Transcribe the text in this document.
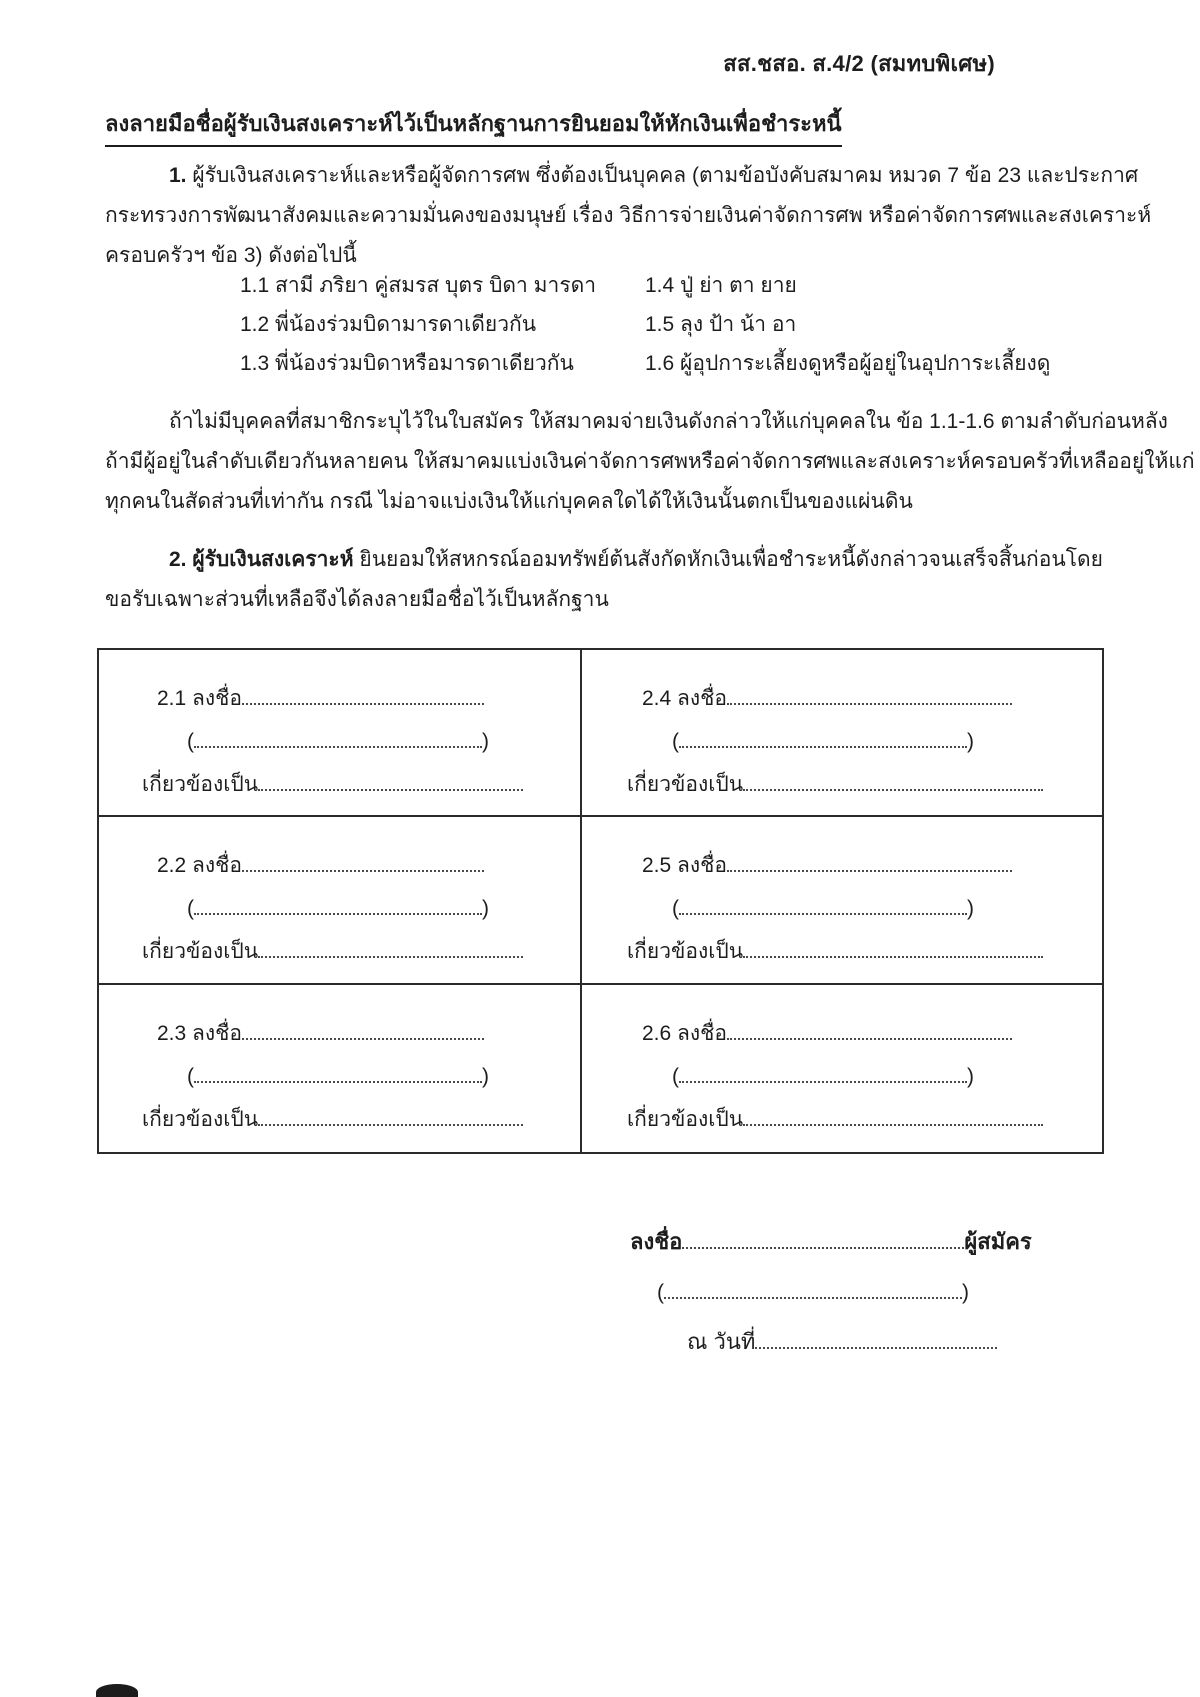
สส.ชสอ. ส.4/2 (สมทบพิเศษ)
ลงลายมือชื่อผู้รับเงินสงเคราะห์ไว้เป็นหลักฐานการยินยอมให้หักเงินเพื่อชำระหนี้
1. ผู้รับเงินสงเคราะห์และหรือผู้จัดการศพ ซึ่งต้องเป็นบุคคล (ตามข้อบังคับสมาคม หมวด 7 ข้อ 23 และประกาศ
กระทรวงการพัฒนาสังคมและความมั่นคงของมนุษย์ เรื่อง วิธีการจ่ายเงินค่าจัดการศพ หรือค่าจัดการศพและสงเคราะห์
ครอบครัวฯ ข้อ 3) ดังต่อไปนี้
1.1 สามี ภริยา คู่สมรส บุตร บิดา มารดา
1.2 พี่น้องร่วมบิดามารดาเดียวกัน
1.3 พี่น้องร่วมบิดาหรือมารดาเดียวกัน
1.4 ปู่ ย่า ตา ยาย
1.5 ลุง ป้า น้า อา
1.6 ผู้อุปการะเลี้ยงดูหรือผู้อยู่ในอุปการะเลี้ยงดู
ถ้าไม่มีบุคคลที่สมาชิกระบุไว้ในใบสมัคร ให้สมาคมจ่ายเงินดังกล่าวให้แก่บุคคลใน ข้อ 1.1-1.6 ตามลำดับก่อนหลัง
ถ้ามีผู้อยู่ในลำดับเดียวกันหลายคน ให้สมาคมแบ่งเงินค่าจัดการศพหรือค่าจัดการศพและสงเคราะห์ครอบครัวที่เหลืออยู่ให้แก่
ทุกคนในสัดส่วนที่เท่ากัน กรณี ไม่อาจแบ่งเงินให้แก่บุคคลใดได้ให้เงินนั้นตกเป็นของแผ่นดิน
2. ผู้รับเงินสงเคราะห์ ยินยอมให้สหกรณ์ออมทรัพย์ต้นสังกัดหักเงินเพื่อชำระหนี้ดังกล่าวจนเสร็จสิ้นก่อนโดย
ขอรับเฉพาะส่วนที่เหลือจึงได้ลงลายมือชื่อไว้เป็นหลักฐาน
2.1 ลงชื่อ
(	)
เกี่ยวข้องเป็น
2.4 ลงชื่อ
(	)
เกี่ยวข้องเป็น
2.2 ลงชื่อ
(	)
เกี่ยวข้องเป็น
2.5 ลงชื่อ
(	)
เกี่ยวข้องเป็น
2.3 ลงชื่อ
(	)
เกี่ยวข้องเป็น
2.6 ลงชื่อ
(	)
เกี่ยวข้องเป็น
ลงชื่อ	ผู้สมัคร
(	)
ณ วันที่
